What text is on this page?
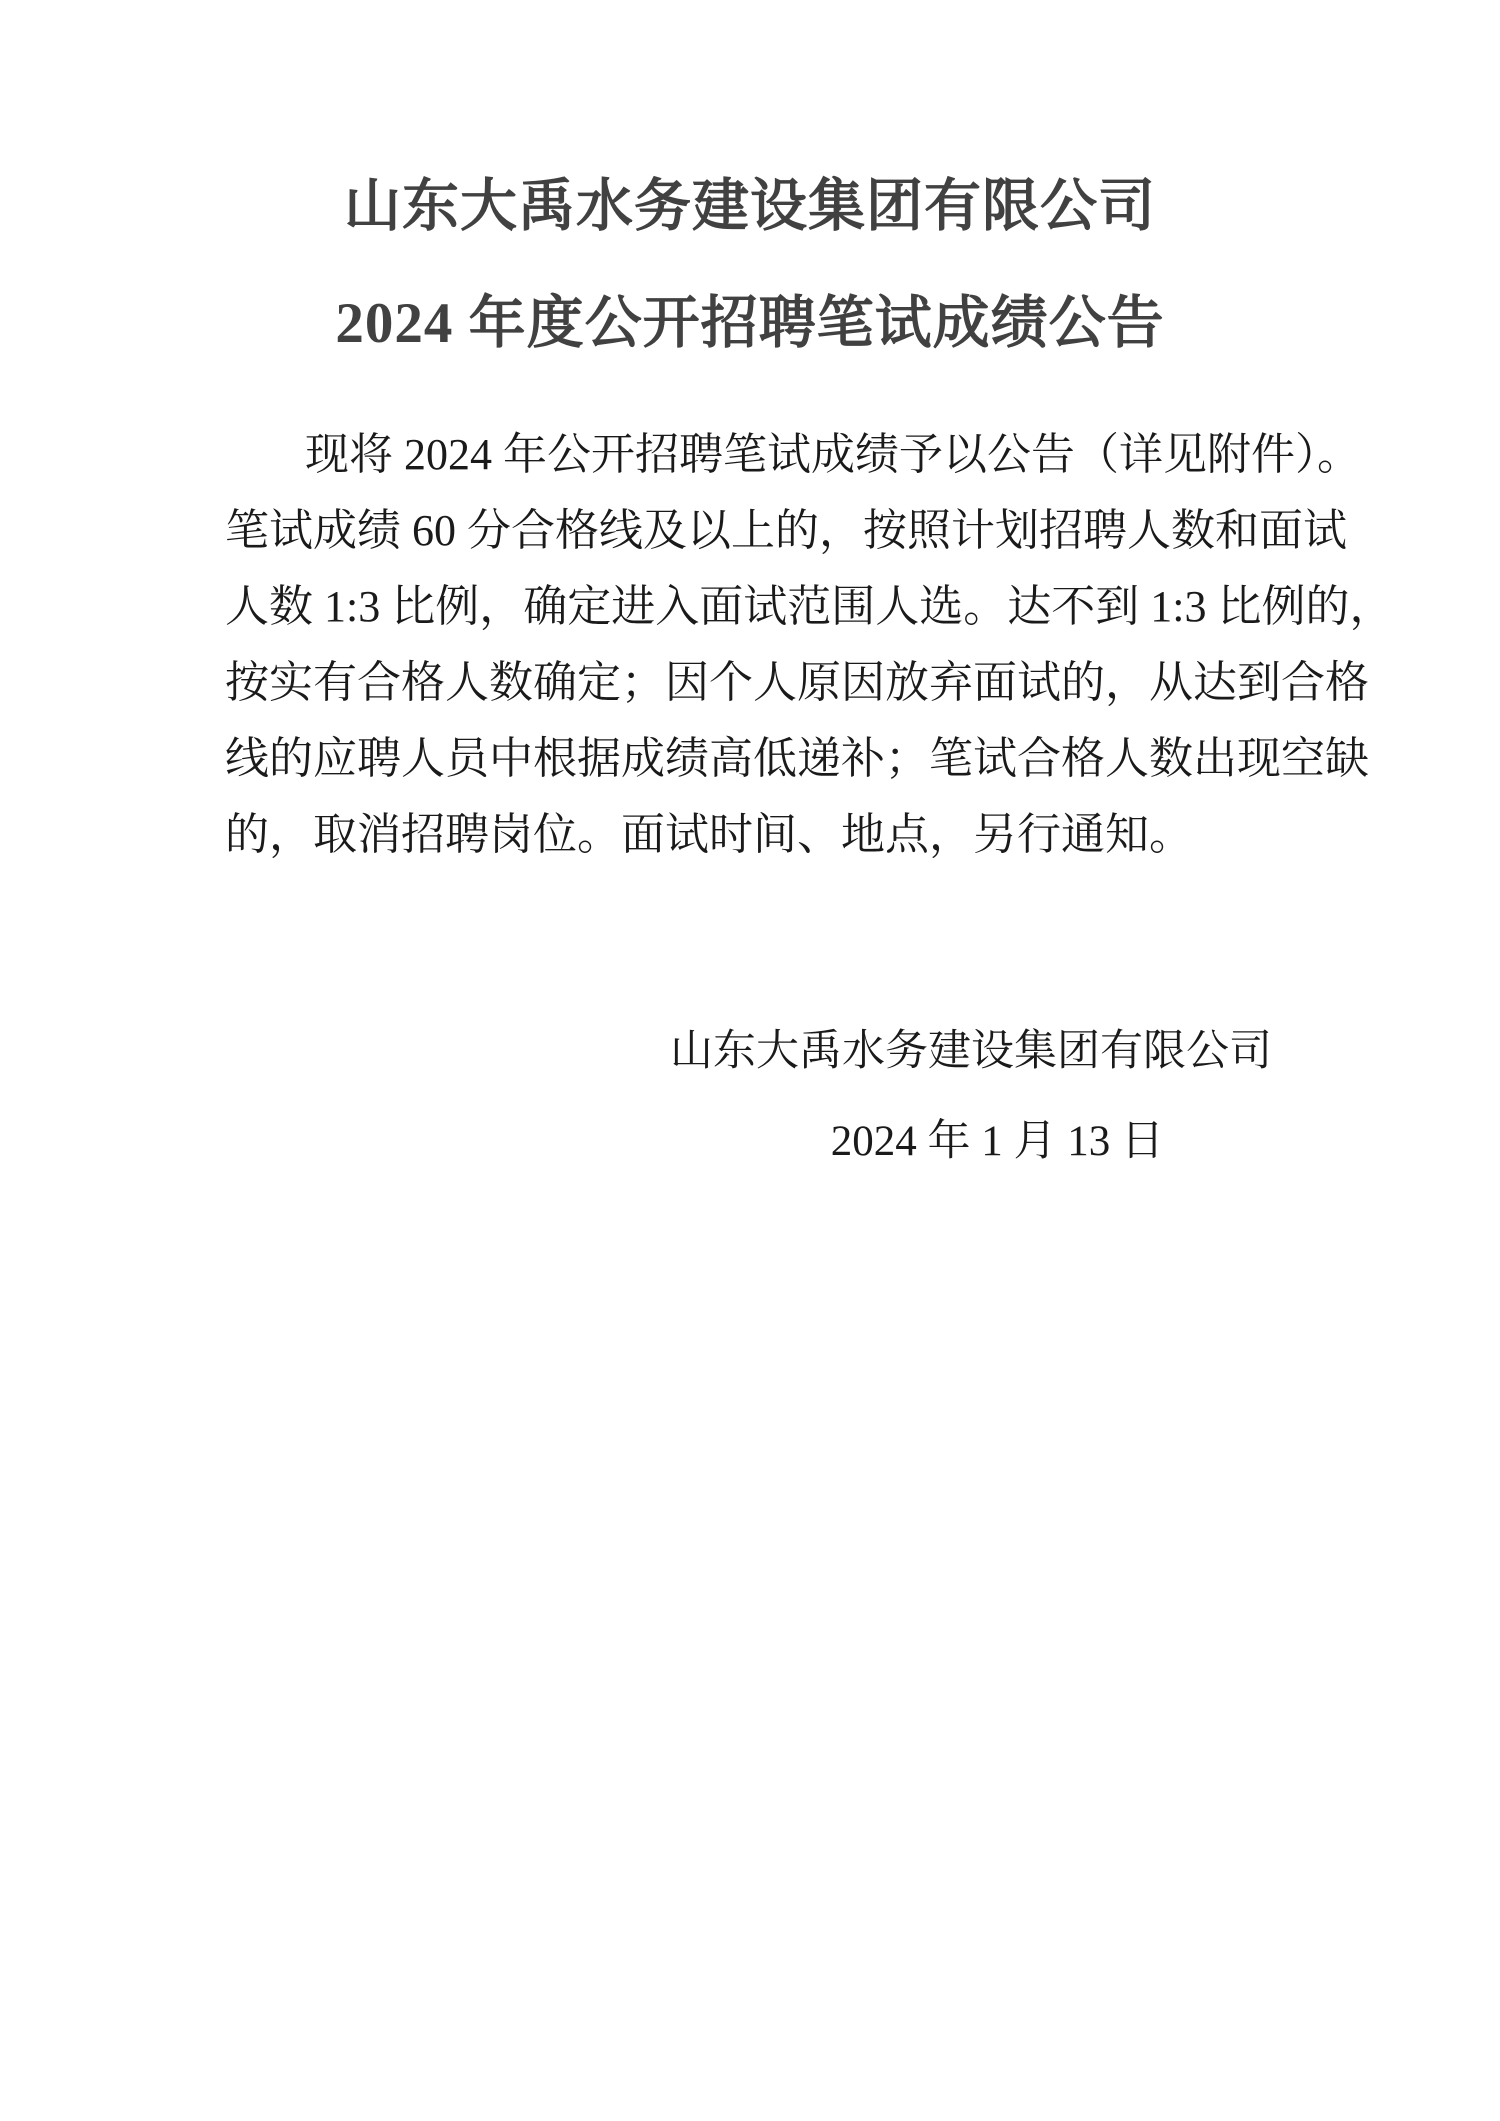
山东大禹水务建设集团有限公司
2024 年度公开招聘笔试成绩公告

现将 2024 年公开招聘笔试成绩予以公告（详见附件）。

笔试成绩 60 分合格线及以上的，按照计划招聘人数和面试

人数 1:3 比例，确定进入面试范围人选。达不到 1:3 比例的，

按实有合格人数确定；因个人原因放弃面试的，从达到合格

线的应聘人员中根据成绩高低递补；笔试合格人数出现空缺

的，取消招聘岗位。面试时间、地点，另行通知。

山东大禹水务建设集团有限公司
2024 年 1 月 13 日
